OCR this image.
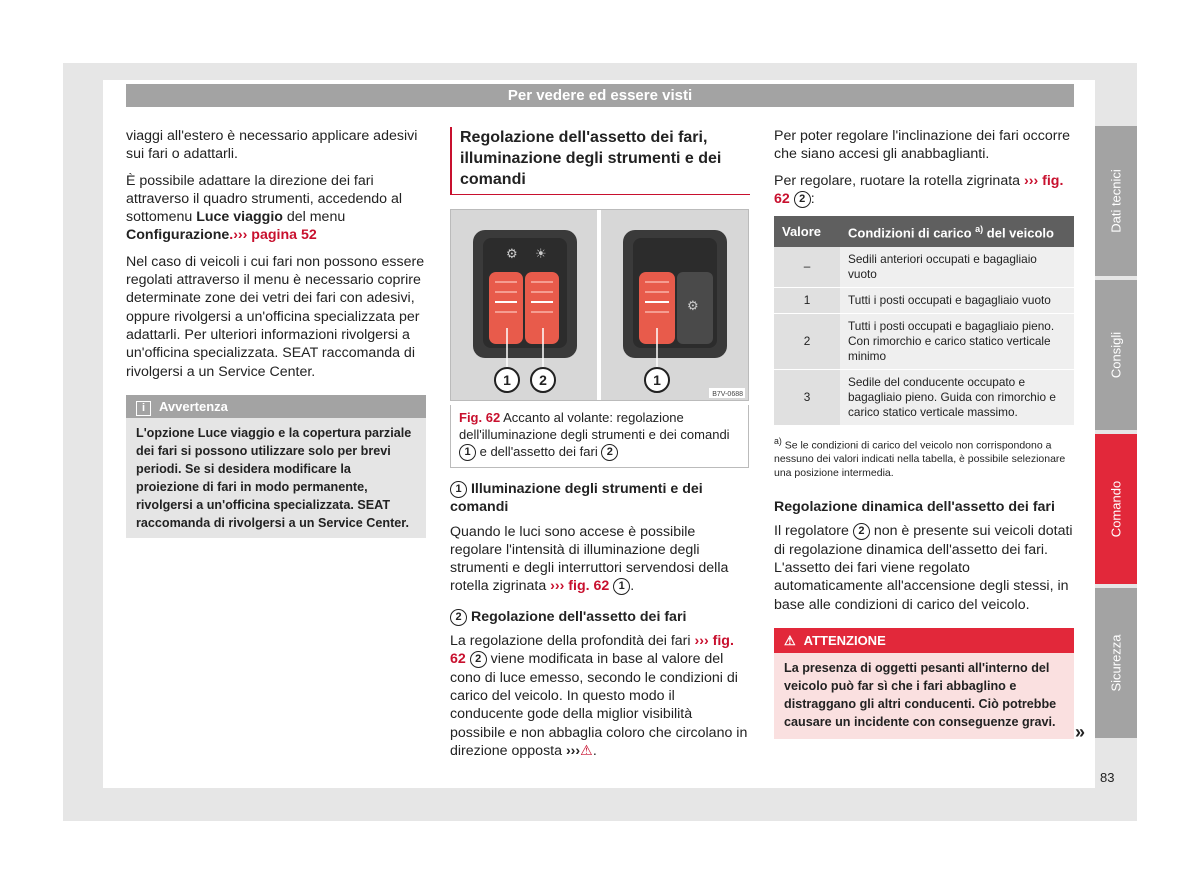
Per vedere ed essere visti

viaggi all'estero è necessario applicare adesivi sui fari o adattarli.

È possibile adattare la direzione dei fari attraverso il quadro strumenti, accedendo al sottomenu Luce viaggio del menu Configurazione.››› pagina 52

Nel caso di veicoli i cui fari non possono essere regolati attraverso il menu è necessario coprire determinate zone dei vetri dei fari con adesivi, oppure rivolgersi a un'officina specializzata per adattarli. Per ulteriori informazioni rivolgersi a un'officina specializzata. SEAT raccomanda di rivolgersi a un Service Center.

i Avvertenza
L'opzione Luce viaggio e la copertura parziale dei fari si possono utilizzare solo per brevi periodi. Se si desidera modificare la proiezione di fari in modo permanente, rivolgersi a un'officina specializzata. SEAT raccomanda di rivolgersi a un Service Center.
Regolazione dell'assetto dei fari, illuminazione degli strumenti e dei comandi
⚙ ☀
⚙
1 2	1
B7V-0688
Fig. 62 Accanto al volante: regolazione dell'illuminazione degli strumenti e dei comandi 1 e dell'assetto dei fari 2
1 Illuminazione degli strumenti e dei comandi

Quando le luci sono accese è possibile regolare l'intensità di illuminazione degli strumenti e degli interruttori servendosi della rotella zigrinata ››› fig. 62 1 .

2 Regolazione dell'assetto dei fari

La regolazione della profondità dei fari ››› fig. 62 2 viene modificata in base al valore del cono di luce emesso, secondo le condizioni di carico del veicolo. In questo modo il conducente gode della miglior visibilità possibile e non abbaglia coloro che circolano in direzione opposta ›››⚠.

Per poter regolare l'inclinazione dei fari occorre che siano accesi gli anabbaglianti.

Per regolare, ruotare la rotella zigrinata ››› fig. 62 2 :

Valore	Condizioni di carico $^{a)}$ del veicolo
–	Sedili anteriori occupati e bagagliaio vuoto
1	Tutti i posti occupati e bagagliaio vuoto
2	Tutti i posti occupati e bagagliaio pieno. Con rimorchio e carico statico verticale minimo
3	Sedile del conducente occupato e bagagliaio pieno. Guida con rimorchio e carico statico verticale massimo.
$^{a)}$ Se le condizioni di carico del veicolo non corrispondono a nessuno dei valori indicati nella tabella, è possibile selezionare una posizione intermedia.
Regolazione dinamica dell'assetto dei fari

Il regolatore 2 non è presente sui veicoli dotati di regolazione dinamica dell'assetto dei fari. L'assetto dei fari viene regolato automaticamente all'accensione degli stessi, in base alle condizioni di carico del veicolo.

⚠ ATTENZIONE
La presenza di oggetti pesanti all'interno del veicolo può far sì che i fari abbaglino e distraggano gli altri conducenti. Ciò potrebbe causare un incidente con conseguenze gravi.
»
Dati tecnici
Consigli
Comando
Sicurezza
83
